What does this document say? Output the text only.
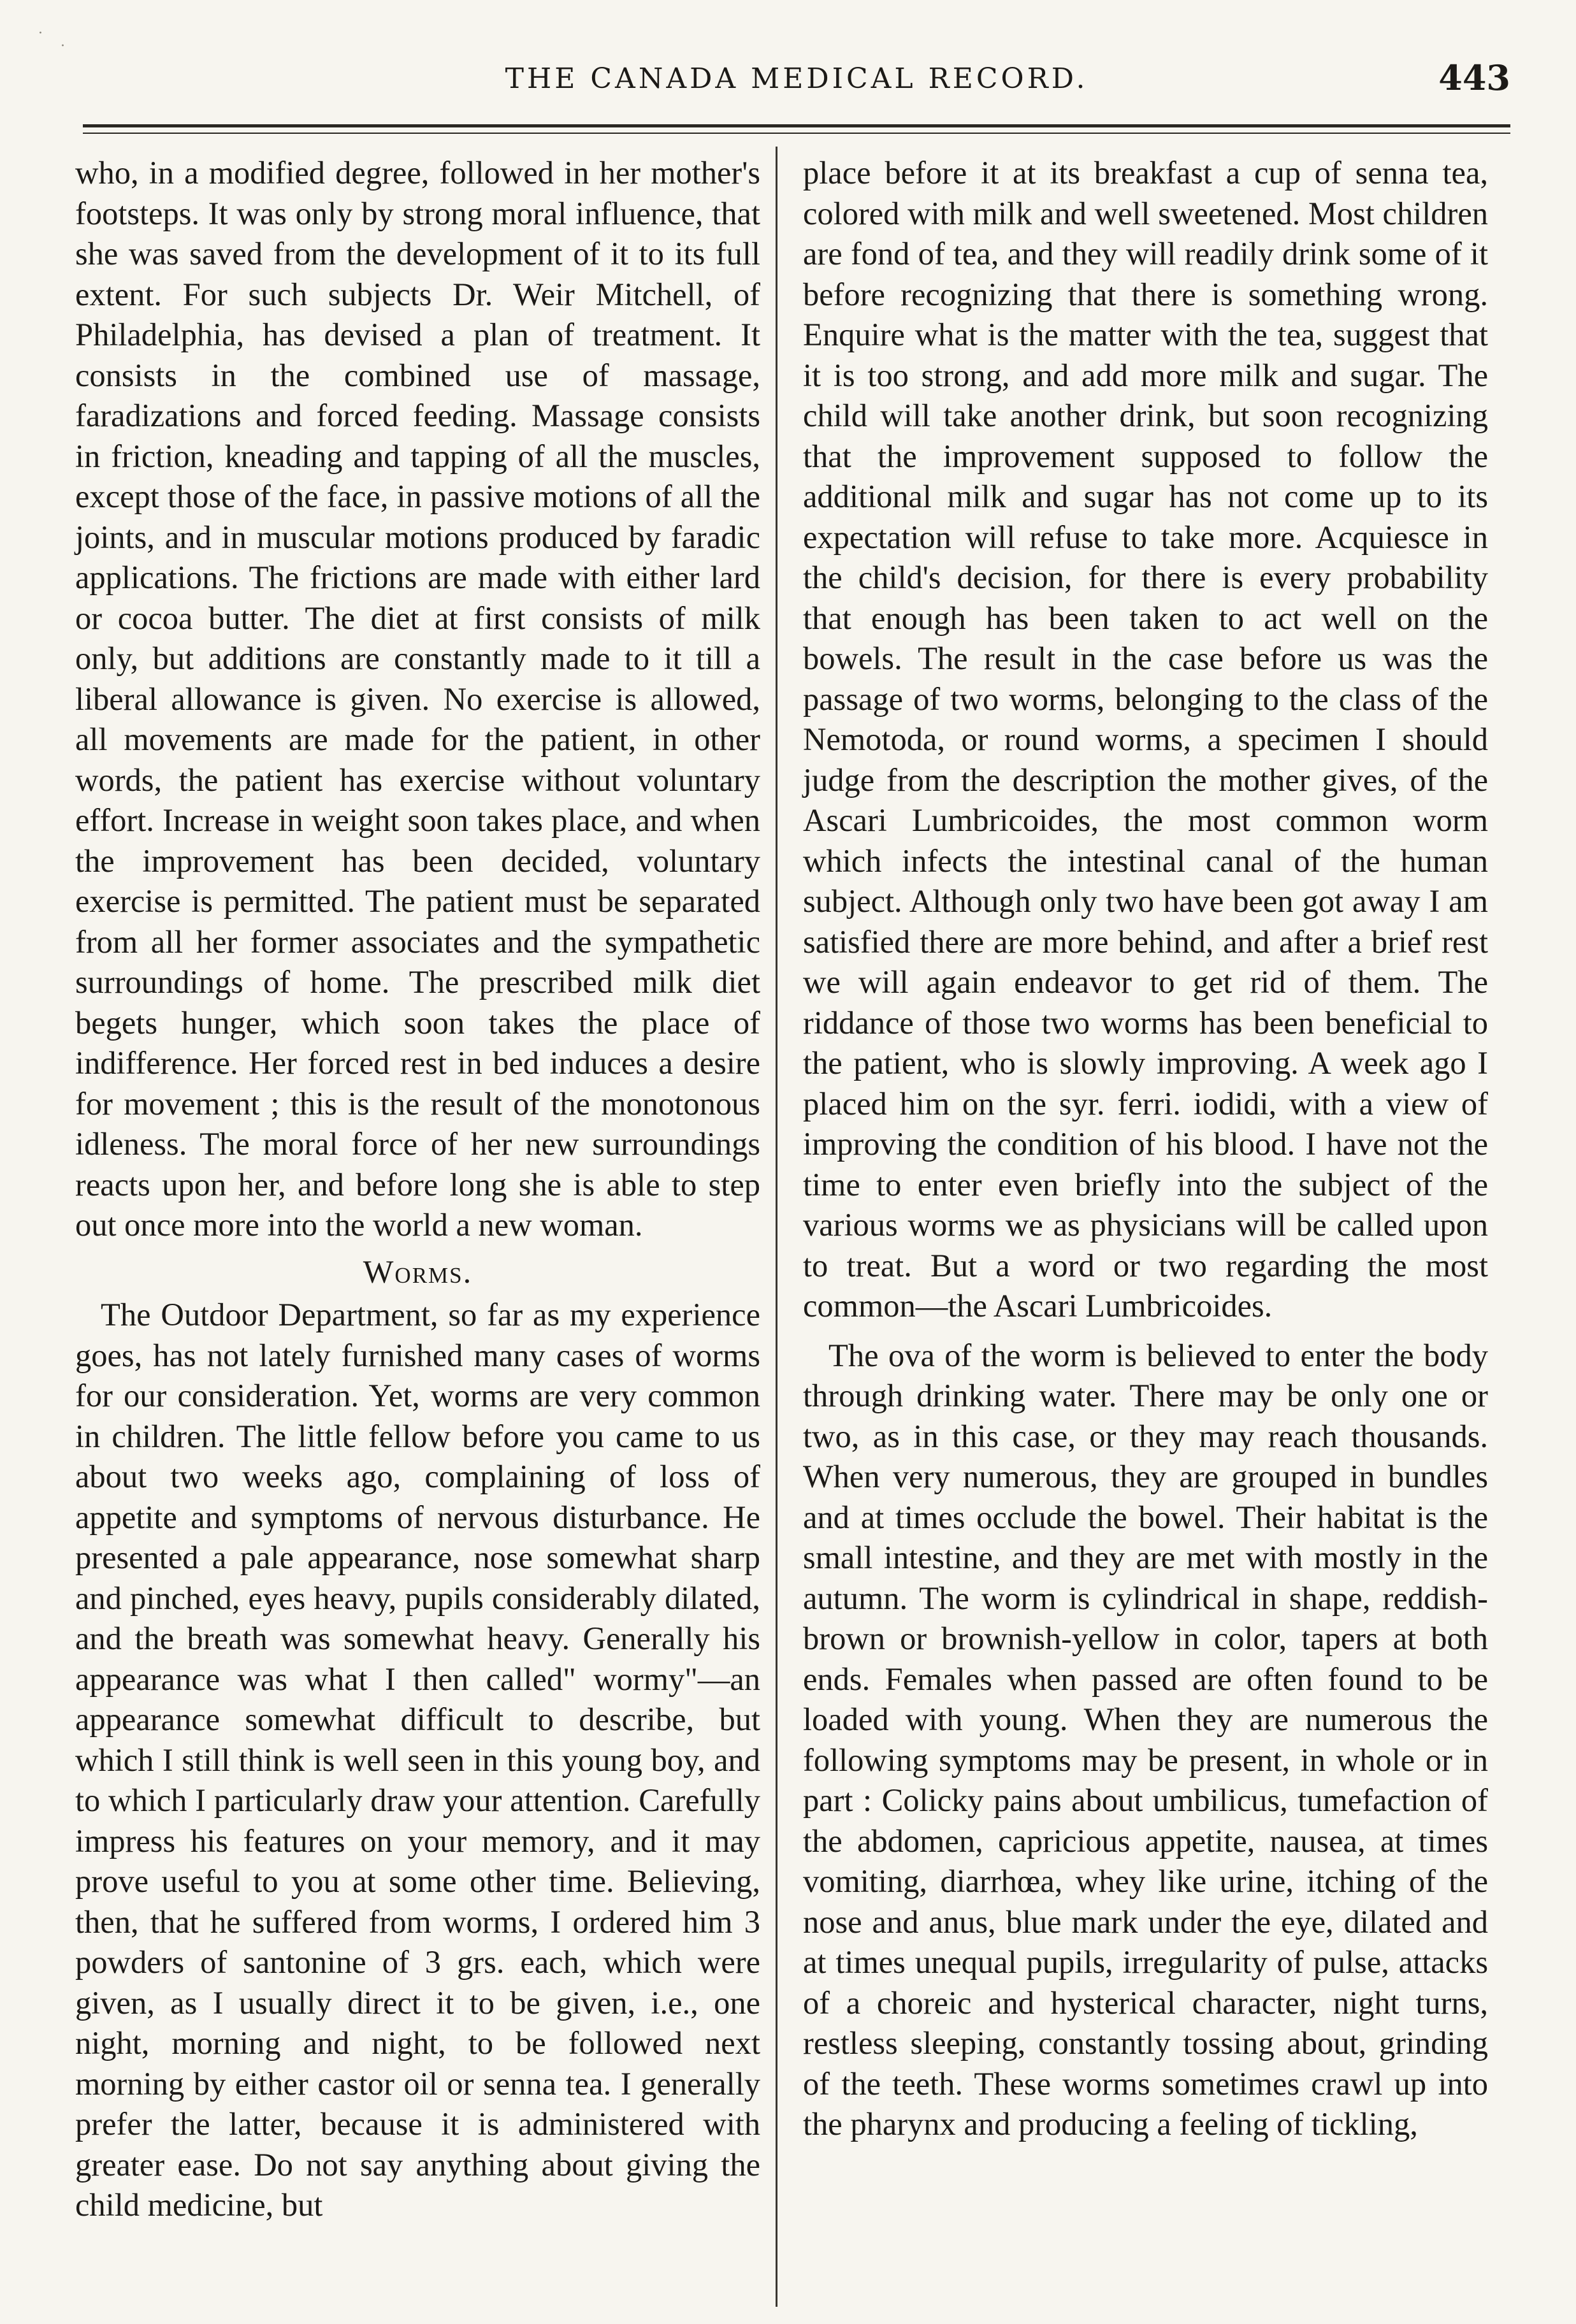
THE CANADA MEDICAL RECORD.	443

who, in a modified degree, followed in her mother's footsteps. It was only by strong moral influence, that she was saved from the development of it to its full extent. For such subjects Dr. Weir Mitchell, of Philadelphia, has devised a plan of treatment. It consists in the combined use of massage, faradizations and forced feeding. Massage consists in friction, kneading and tapping of all the muscles, except those of the face, in passive motions of all the joints, and in muscular motions produced by faradic applications. The frictions are made with either lard or cocoa butter. The diet at first consists of milk only, but additions are constantly made to it till a liberal allowance is given. No exercise is allowed, all movements are made for the patient, in other words, the patient has exercise without voluntary effort. Increase in weight soon takes place, and when the improvement has been decided, voluntary exercise is permitted. The patient must be separated from all her former associates and the sympathetic surroundings of home. The prescribed milk diet begets hunger, which soon takes the place of indifference. Her forced rest in bed induces a desire for movement ; this is the result of the monotonous idleness. The moral force of her new surroundings reacts upon her, and before long she is able to step out once more into the world a new woman.

Worms.

The Outdoor Department, so far as my experience goes, has not lately furnished many cases of worms for our consideration. Yet, worms are very common in children. The little fellow before you came to us about two weeks ago, complaining of loss of appetite and symptoms of nervous disturbance. He presented a pale appearance, nose somewhat sharp and pinched, eyes heavy, pupils considerably dilated, and the breath was somewhat heavy. Generally his appearance was what I then called" wormy"—an appearance somewhat difficult to describe, but which I still think is well seen in this young boy, and to which I particularly draw your attention. Carefully impress his features on your memory, and it may prove useful to you at some other time. Believing, then, that he suffered from worms, I ordered him 3 powders of santonine of 3 grs. each, which were given, as I usually direct it to be given, i.e., one night, morning and night, to be followed next morning by either castor oil or senna tea. I generally prefer the latter, because it is administered with greater ease. Do not say anything about giving the child medicine, but

place before it at its breakfast a cup of senna tea, colored with milk and well sweetened. Most children are fond of tea, and they will readily drink some of it before recognizing that there is something wrong. Enquire what is the matter with the tea, suggest that it is too strong, and add more milk and sugar. The child will take another drink, but soon recognizing that the improvement supposed to follow the additional milk and sugar has not come up to its expectation will refuse to take more. Acquiesce in the child's decision, for there is every probability that enough has been taken to act well on the bowels. The result in the case before us was the passage of two worms, belonging to the class of the Nemotoda, or round worms, a specimen I should judge from the description the mother gives, of the Ascari Lumbricoides, the most common worm which infects the intestinal canal of the human subject. Although only two have been got away I am satisfied there are more behind, and after a brief rest we will again endeavor to get rid of them. The riddance of those two worms has been beneficial to the patient, who is slowly improving. A week ago I placed him on the syr. ferri. iodidi, with a view of improving the condition of his blood. I have not the time to enter even briefly into the subject of the various worms we as physicians will be called upon to treat. But a word or two regarding the most common—the Ascari Lumbricoides.

The ova of the worm is believed to enter the body through drinking water. There may be only one or two, as in this case, or they may reach thousands. When very numerous, they are grouped in bundles and at times occlude the bowel. Their habitat is the small intestine, and they are met with mostly in the autumn. The worm is cylindrical in shape, reddish-brown or brownish-yellow in color, tapers at both ends. Females when passed are often found to be loaded with young. When they are numerous the following symptoms may be present, in whole or in part : Colicky pains about umbilicus, tumefaction of the abdomen, capricious appetite, nausea, at times vomiting, diarrhœa, whey like urine, itching of the nose and anus, blue mark under the eye, dilated and at times unequal pupils, irregularity of pulse, attacks of a choreic and hysterical character, night turns, restless sleeping, constantly tossing about, grinding of the teeth. These worms sometimes crawl up into the pharynx and producing a feeling of tickling,

·
·
